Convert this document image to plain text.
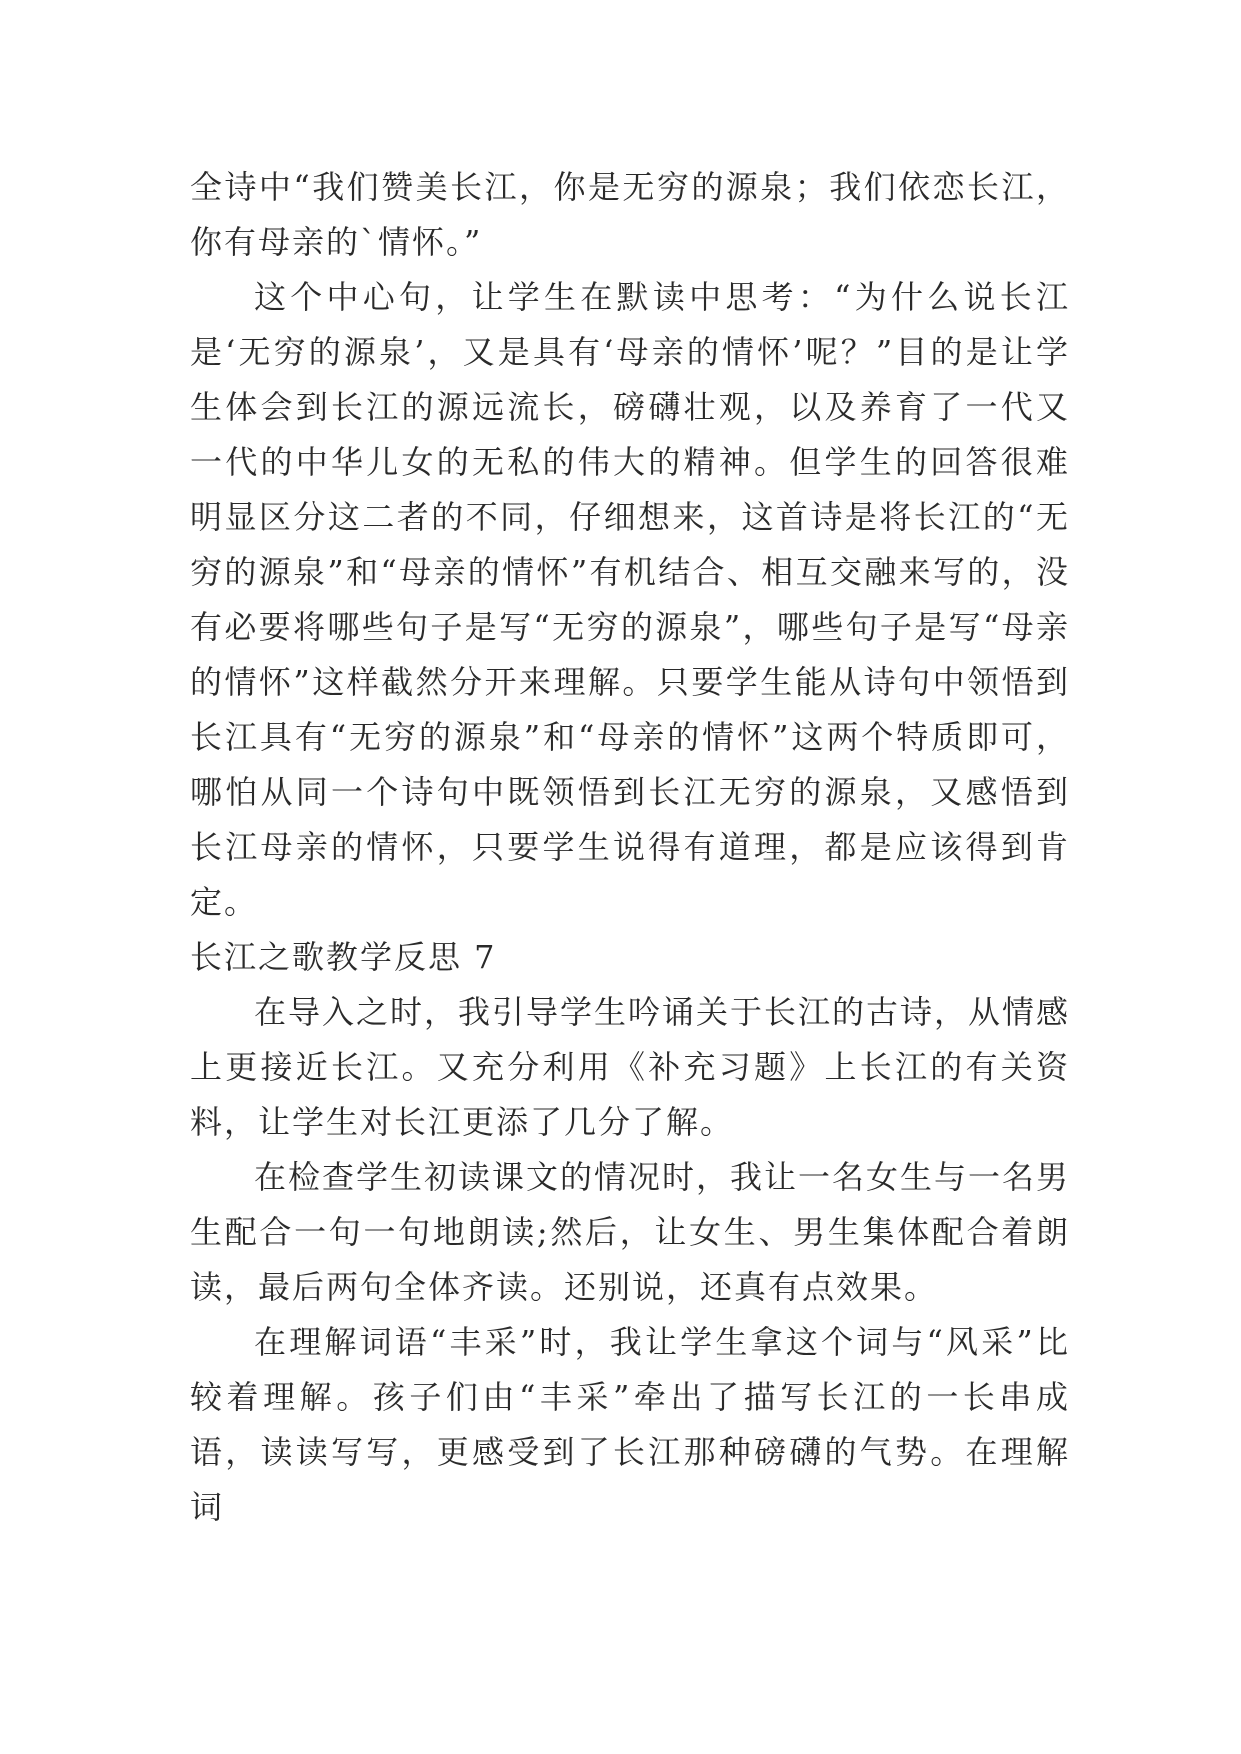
全诗中“我们赞美长江，你是无穷的源泉；我们依恋长江，你有母亲的`情怀。”

这个中心句，让学生在默读中思考：“为什么说长江是‘无穷的源泉’，又是具有‘母亲的情怀’呢？”目的是让学生体会到长江的源远流长，磅礴壮观，以及养育了一代又一代的中华儿女的无私的伟大的精神。但学生的回答很难明显区分这二者的不同，仔细想来，这首诗是将长江的“无穷的源泉”和“母亲的情怀”有机结合、相互交融来写的，没有必要将哪些句子是写“无穷的源泉”，哪些句子是写“母亲的情怀”这样截然分开来理解。只要学生能从诗句中领悟到长江具有“无穷的源泉”和“母亲的情怀”这两个特质即可，哪怕从同一个诗句中既领悟到长江无穷的源泉，又感悟到长江母亲的情怀，只要学生说得有道理，都是应该得到肯定。

长江之歌教学反思 7

在导入之时，我引导学生吟诵关于长江的古诗，从情感上更接近长江。又充分利用《补充习题》上长江的有关资料，让学生对长江更添了几分了解。

在检查学生初读课文的情况时，我让一名女生与一名男生配合一句一句地朗读;然后，让女生、男生集体配合着朗读，最后两句全体齐读。还别说，还真有点效果。

在理解词语“丰采”时，我让学生拿这个词与“风采”比较着理解。孩子们由“丰采”牵出了描写长江的一长串成语，读读写写，更感受到了长江那种磅礴的气势。在理解词
